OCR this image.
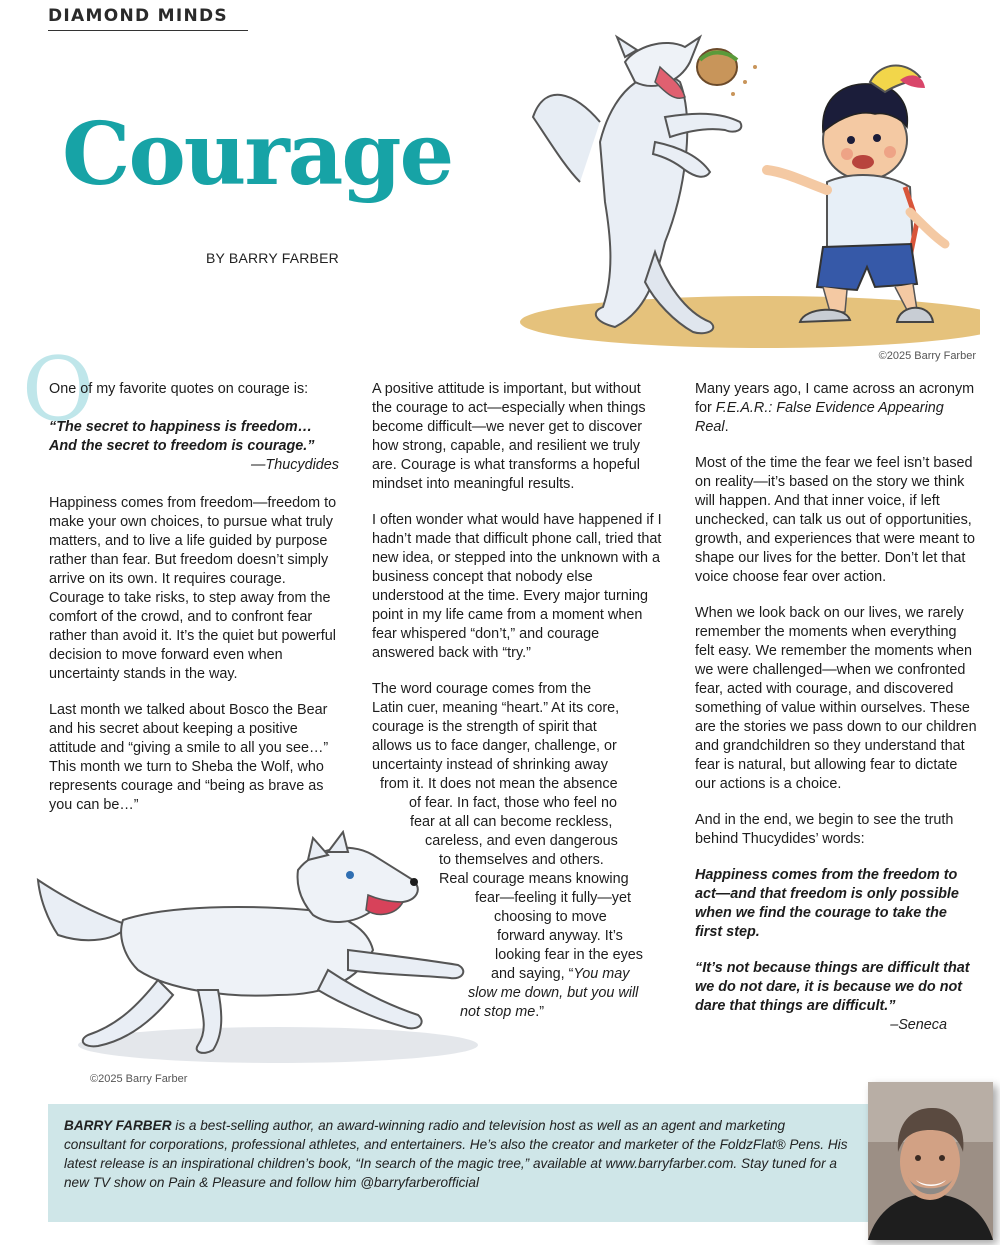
DIAMOND MINDS
Courage
BY BARRY FARBER
©2025 Barry Farber
O

One of my favorite quotes on courage is:

“The secret to happiness is freedom…
And the secret to freedom is courage.”
—Thucydides

Happiness comes from freedom—freedom to make your own choices, to pursue what truly matters, and to live a life guided by purpose rather than fear. But freedom doesn’t simply arrive on its own. It requires courage. Courage to take risks, to step away from the comfort of the crowd, and to confront fear rather than avoid it. It’s the quiet but powerful decision to move forward even when uncertainty stands in the way.

Last month we talked about Bosco the Bear and his secret about keeping a positive attitude and “giving a smile to all you see…” This month we turn to Sheba the Wolf, who represents courage and “being as brave as you can be…”

A positive attitude is important, but without the courage to act—especially when things become difficult—we never get to discover how strong, capable, and resilient we truly are. Courage is what transforms a hopeful mindset into meaningful results.

I often wonder what would have happened if I hadn’t made that difficult phone call, tried that new idea, or stepped into the unknown with a business concept that nobody else understood at the time. Every major turning point in my life came from a moment when fear whispered “don’t,” and courage answered back with “try.”

The word courage comes from the
Latin cuer, meaning “heart.” At its core,
courage is the strength of spirit that
allows us to face danger, challenge, or
uncertainty instead of shrinking away
from it. It does not mean the absence
of fear. In fact, those who feel no
fear at all can become reckless,
careless, and even dangerous
to themselves and others.
Real courage means knowing
fear—feeling it fully—yet
choosing to move
forward anyway. It’s
looking fear in the eyes
and saying, “You may
slow me down, but you will
not stop me.”

Many years ago, I came across an acronym for F.E.A.R.: False Evidence Appearing Real.

Most of the time the fear we feel isn’t based on reality—it’s based on the story we think will happen. And that inner voice, if left unchecked, can talk us out of opportunities, growth, and experiences that were meant to shape our lives for the better. Don’t let that voice choose fear over action.

When we look back on our lives, we rarely remember the moments when everything felt easy. We remember the moments when we were challenged—when we confronted fear, acted with courage, and discovered something of value within ourselves. These are the stories we pass down to our children and grandchildren so they understand that fear is natural, but allowing fear to dictate our actions is a choice.

And in the end, we begin to see the truth behind Thucydides’ words:

Happiness comes from the freedom to act—and that freedom is only possible when we find the courage to take the first step.

“It’s not because things are difficult that we do not dare, it is because we do not dare that things are difficult.”

–Seneca
©2025 Barry Farber
BARRY FARBER is a best-selling author, an award-winning radio and television host as well as an agent and marketing consultant for corporations, professional athletes, and entertainers. He’s also the creator and marketer of the FoldzFlat® Pens. His latest release is an inspirational children’s book, “In search of the magic tree,” available at www.barryfarber.com. Stay tuned for a new TV show on Pain & Pleasure and follow him @barryfarberofficial
